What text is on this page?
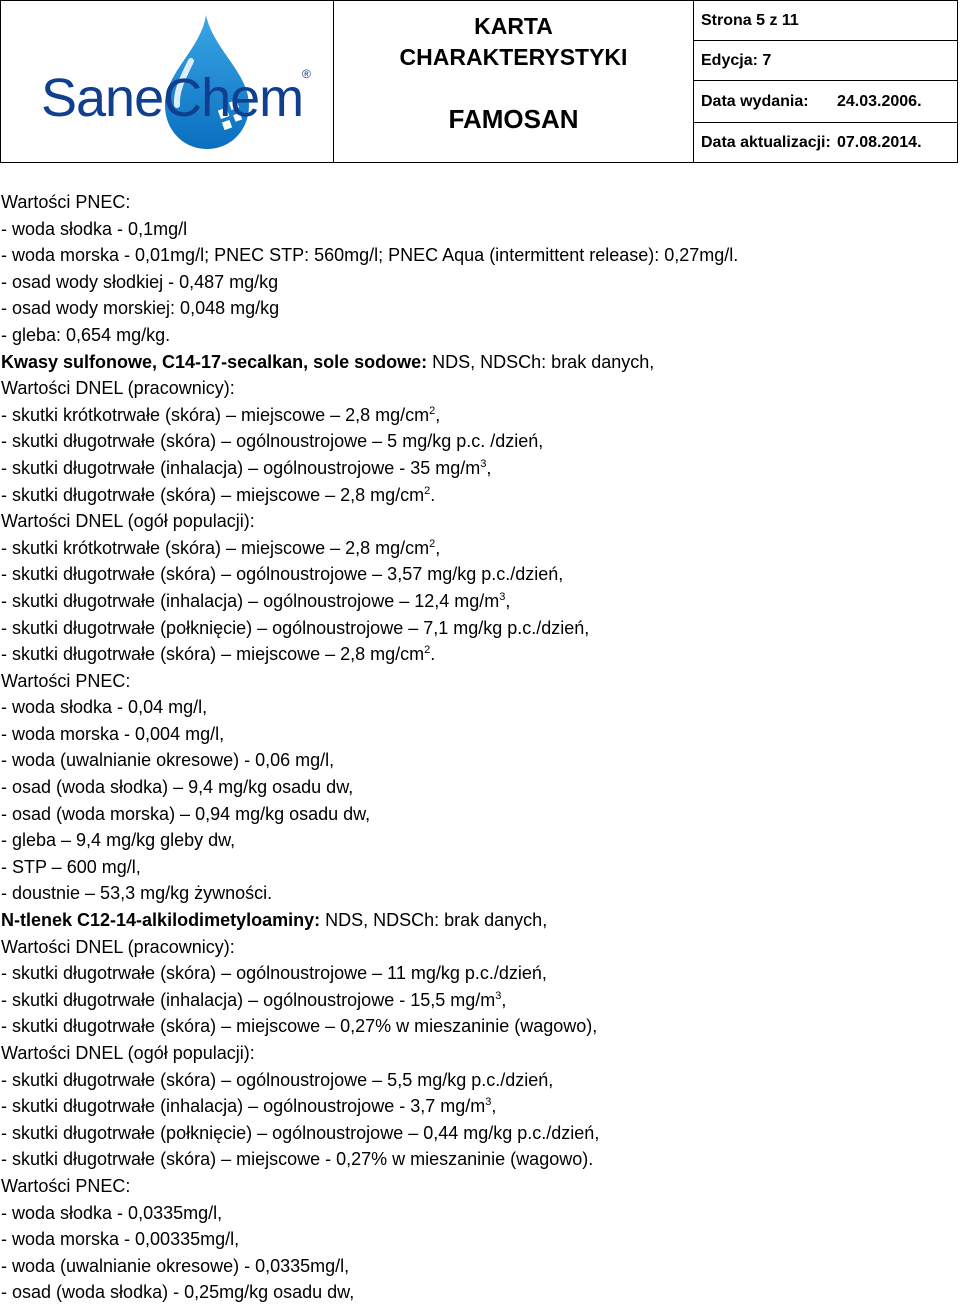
SaneChem
®
KARTA
CHARAKTERYSTYKI
FAMOSAN
Strona 5 z 11
Edycja: 7
Data wydania: 24.03.2006.
Data aktualizacji: 07.08.2014.
Wartości PNEC:
- woda słodka - 0,1mg/l
- woda morska - 0,01mg/l; PNEC STP: 560mg/l; PNEC Aqua (intermittent release): 0,27mg/l.
- osad wody słodkiej - 0,487 mg/kg
- osad wody morskiej: 0,048 mg/kg
- gleba: 0,654 mg/kg.
Kwasy sulfonowe, C14-17-secalkan, sole sodowe: NDS, NDSCh: brak danych,
Wartości DNEL (pracownicy):
- skutki krótkotrwałe (skóra) – miejscowe – 2,8 $mg/cm^2$,
- skutki długotrwałe (skóra) – ogólnoustrojowe – 5 mg/kg p.c. /dzień,
- skutki długotrwałe (inhalacja) – ogólnoustrojowe - 35 $mg/m^3$,
- skutki długotrwałe (skóra) – miejscowe – 2,8 $mg/cm^2$.
Wartości DNEL (ogół populacji):
- skutki krótkotrwałe (skóra) – miejscowe – 2,8 $mg/cm^2$,
- skutki długotrwałe (skóra) – ogólnoustrojowe – 3,57 mg/kg p.c./dzień,
- skutki długotrwałe (inhalacja) – ogólnoustrojowe – 12,4 $mg/m^3$,
- skutki długotrwałe (połknięcie) – ogólnoustrojowe – 7,1 mg/kg p.c./dzień,
- skutki długotrwałe (skóra) – miejscowe – 2,8 $mg/cm^2$.
Wartości PNEC:
- woda słodka - 0,04 mg/l,
- woda morska - 0,004 mg/l,
- woda (uwalnianie okresowe) - 0,06 mg/l,
- osad (woda słodka) – 9,4 mg/kg osadu dw,
- osad (woda morska) – 0,94 mg/kg osadu dw,
- gleba – 9,4 mg/kg gleby dw,
- STP – 600 mg/l,
- doustnie – 53,3 mg/kg żywności.
N-tlenek C12-14-alkilodimetyloaminy: NDS, NDSCh: brak danych,
Wartości DNEL (pracownicy):
- skutki długotrwałe (skóra) – ogólnoustrojowe – 11 mg/kg p.c./dzień,
- skutki długotrwałe (inhalacja) – ogólnoustrojowe - 15,5 $mg/m^3$,
- skutki długotrwałe (skóra) – miejscowe – 0,27% w mieszaninie (wagowo),
Wartości DNEL (ogół populacji):
- skutki długotrwałe (skóra) – ogólnoustrojowe – 5,5 mg/kg p.c./dzień,
- skutki długotrwałe (inhalacja) – ogólnoustrojowe - 3,7 $mg/m^3$,
- skutki długotrwałe (połknięcie) – ogólnoustrojowe – 0,44 mg/kg p.c./dzień,
- skutki długotrwałe (skóra) – miejscowe - 0,27% w mieszaninie (wagowo).
Wartości PNEC:
- woda słodka - 0,0335mg/l,
- woda morska - 0,00335mg/l,
- woda (uwalnianie okresowe) - 0,0335mg/l,
- osad (woda słodka) - 0,25mg/kg osadu dw,
